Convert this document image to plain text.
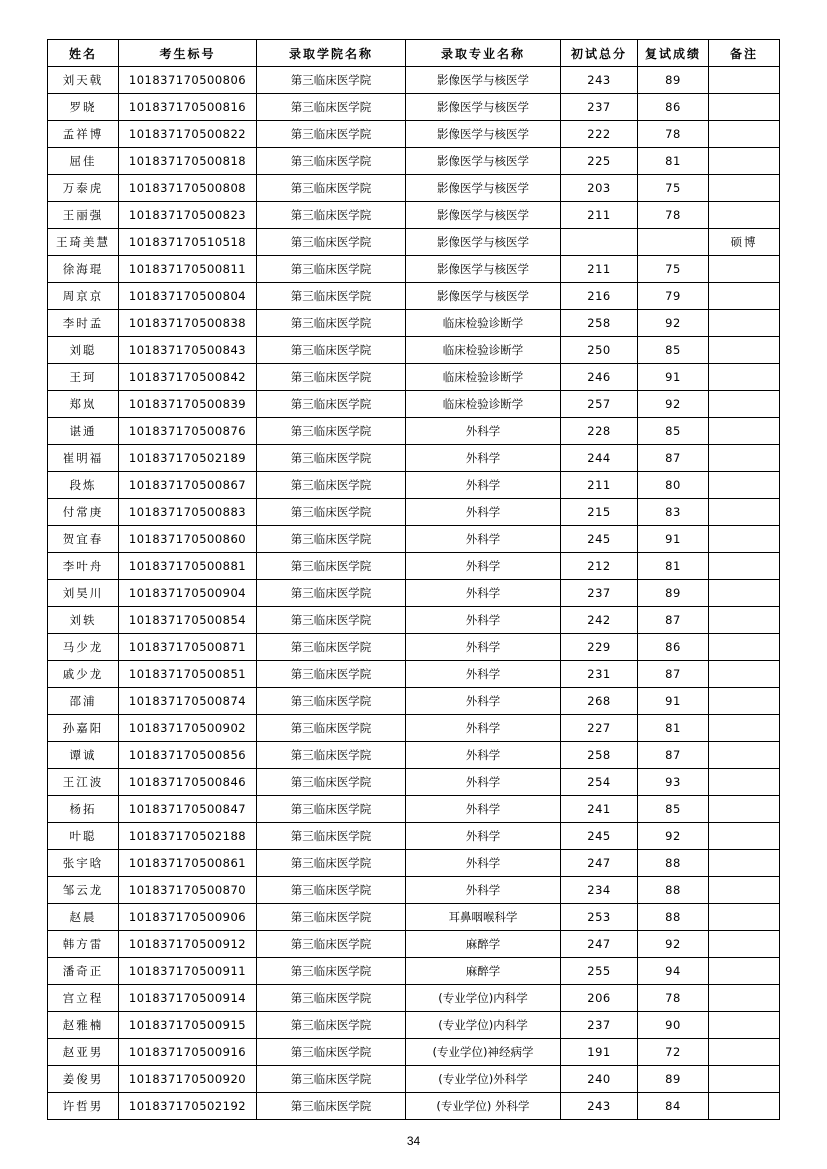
姓名	考生标号	录取学院名称	录取专业名称	初试总分	复试成绩	备注
刘天戟	101837170500806	第三临床医学院	影像医学与核医学	243	89	
罗晓	101837170500816	第三临床医学院	影像医学与核医学	237	86	
孟祥博	101837170500822	第三临床医学院	影像医学与核医学	222	78	
屈佳	101837170500818	第三临床医学院	影像医学与核医学	225	81	
万泰虎	101837170500808	第三临床医学院	影像医学与核医学	203	75	
王丽强	101837170500823	第三临床医学院	影像医学与核医学	211	78	
王琦美慧	101837170510518	第三临床医学院	影像医学与核医学			硕博
徐海琨	101837170500811	第三临床医学院	影像医学与核医学	211	75	
周京京	101837170500804	第三临床医学院	影像医学与核医学	216	79	
李时孟	101837170500838	第三临床医学院	临床检验诊断学	258	92	
刘聪	101837170500843	第三临床医学院	临床检验诊断学	250	85	
王珂	101837170500842	第三临床医学院	临床检验诊断学	246	91	
郑岚	101837170500839	第三临床医学院	临床检验诊断学	257	92	
谌通	101837170500876	第三临床医学院	外科学	228	85	
崔明福	101837170502189	第三临床医学院	外科学	244	87	
段炼	101837170500867	第三临床医学院	外科学	211	80	
付常庚	101837170500883	第三临床医学院	外科学	215	83	
贺宜春	101837170500860	第三临床医学院	外科学	245	91	
李叶舟	101837170500881	第三临床医学院	外科学	212	81	
刘昊川	101837170500904	第三临床医学院	外科学	237	89	
刘轶	101837170500854	第三临床医学院	外科学	242	87	
马少龙	101837170500871	第三临床医学院	外科学	229	86	
戚少龙	101837170500851	第三临床医学院	外科学	231	87	
邵浦	101837170500874	第三临床医学院	外科学	268	91	
孙嘉阳	101837170500902	第三临床医学院	外科学	227	81	
谭诚	101837170500856	第三临床医学院	外科学	258	87	
王江波	101837170500846	第三临床医学院	外科学	254	93	
杨拓	101837170500847	第三临床医学院	外科学	241	85	
叶聪	101837170502188	第三临床医学院	外科学	245	92	
张宇晗	101837170500861	第三临床医学院	外科学	247	88	
邹云龙	101837170500870	第三临床医学院	外科学	234	88	
赵晨	101837170500906	第三临床医学院	耳鼻咽喉科学	253	88	
韩方雷	101837170500912	第三临床医学院	麻醉学	247	92	
潘奇正	101837170500911	第三临床医学院	麻醉学	255	94	
宫立程	101837170500914	第三临床医学院	(专业学位)内科学	206	78	
赵雅楠	101837170500915	第三临床医学院	(专业学位)内科学	237	90	
赵亚男	101837170500916	第三临床医学院	(专业学位)神经病学	191	72	
姜俊男	101837170500920	第三临床医学院	(专业学位)外科学	240	89	
许哲男	101837170502192	第三临床医学院	(专业学位) 外科学	243	84	
34
